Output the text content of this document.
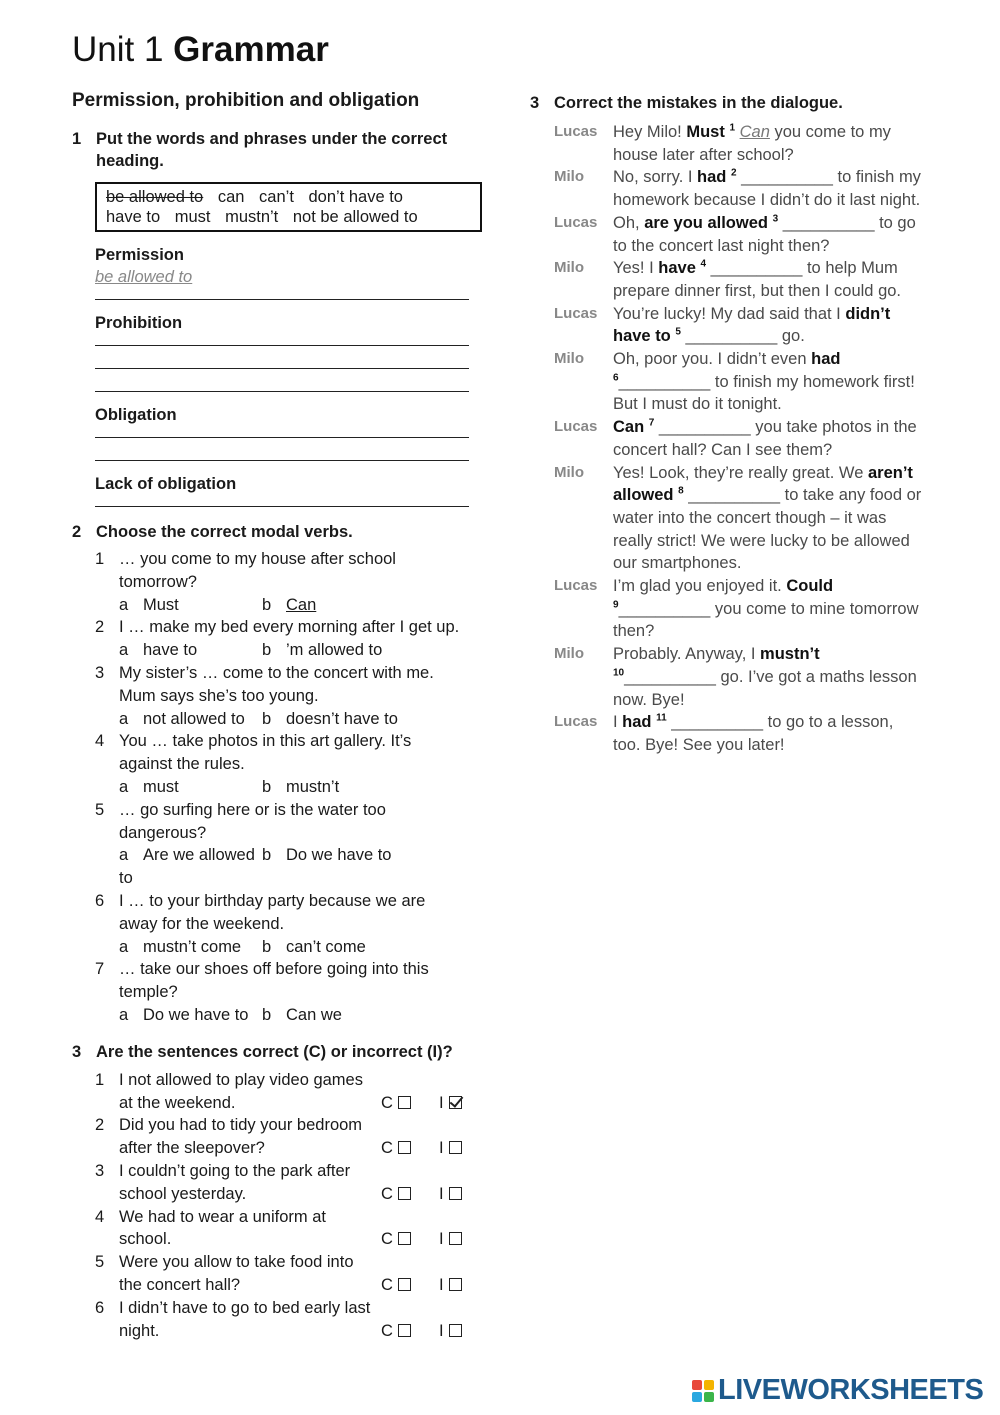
Unit 1 Grammar
Permission, prohibition and obligation
1 Put the words and phrases under the correct heading.
be allowed to can can’t don’t have to
have to must mustn’t not be allowed to
Permission
be allowed to
Prohibition
Obligation
Lack of obligation
2 Choose the correct modal verbs.
1 … you come to my house after school
tomorrow?
a Must	b Can
2 I … make my bed every morning after I get up.
a have to	b ’m allowed to
3 My sister’s … come to the concert with me.
Mum says she’s too young.
a not allowed to	b doesn’t have to
4 You … take photos in this art gallery. It’s
against the rules.
a must	b mustn’t
5 … go surfing here or is the water too
dangerous?
a Are we allowed to
b Do we have to
6 I … to your birthday party because we are
away for the weekend.
a mustn’t come	b can’t come
7 … take our shoes off before going into this
temple?
a Do we have to b Can we
3 Are the sentences correct (C) or incorrect (I)?
1 I not allowed to play video games
at the weekend.	C	I
2 Did you had to tidy your bedroom
after the sleepover?	C	I
3 I couldn’t going to the park after
school yesterday.	C	I
4 We had to wear a uniform at
school.	C	I
5 Were you allow to take food into
the concert hall?	C	I
6 I didn’t have to go to bed early last
night.	C	I
3 Correct the mistakes in the dialogue.
Lucas Hey Milo! Must $^1$ Can you come to my
house later after school?
Milo	No, sorry. I had $^2$ __________ to finish my
homework because I didn’t do it last night.
Lucas Oh, are you allowed $^3$ __________ to go
to the concert last night then?
Milo	Yes! I have $^4$ __________ to help Mum
prepare dinner first, but then I could go.
Lucas You’re lucky! My dad said that I didn’t
have to $^5$ __________ go.
Milo	Oh, poor you. I didn’t even had
$^6$__________ to finish my homework first!
But I must do it tonight.
Lucas Can $^7$ __________ you take photos in the
concert hall? Can I see them?
Milo	Yes! Look, they’re really great. We aren’t
allowed $^8$ __________ to take any food or
water into the concert though – it was
really strict! We were lucky to be allowed
our smartphones.
Lucas I’m glad you enjoyed it. Could
$^9$__________ you come to mine tomorrow
then?
Milo	Probably. Anyway, I mustn’t
$^{10}$__________ go. I’ve got a maths lesson
now. Bye!
Lucas I had $^{11}$ __________ to go to a lesson,
too. Bye! See you later!
LIVEWORKSHEETS
